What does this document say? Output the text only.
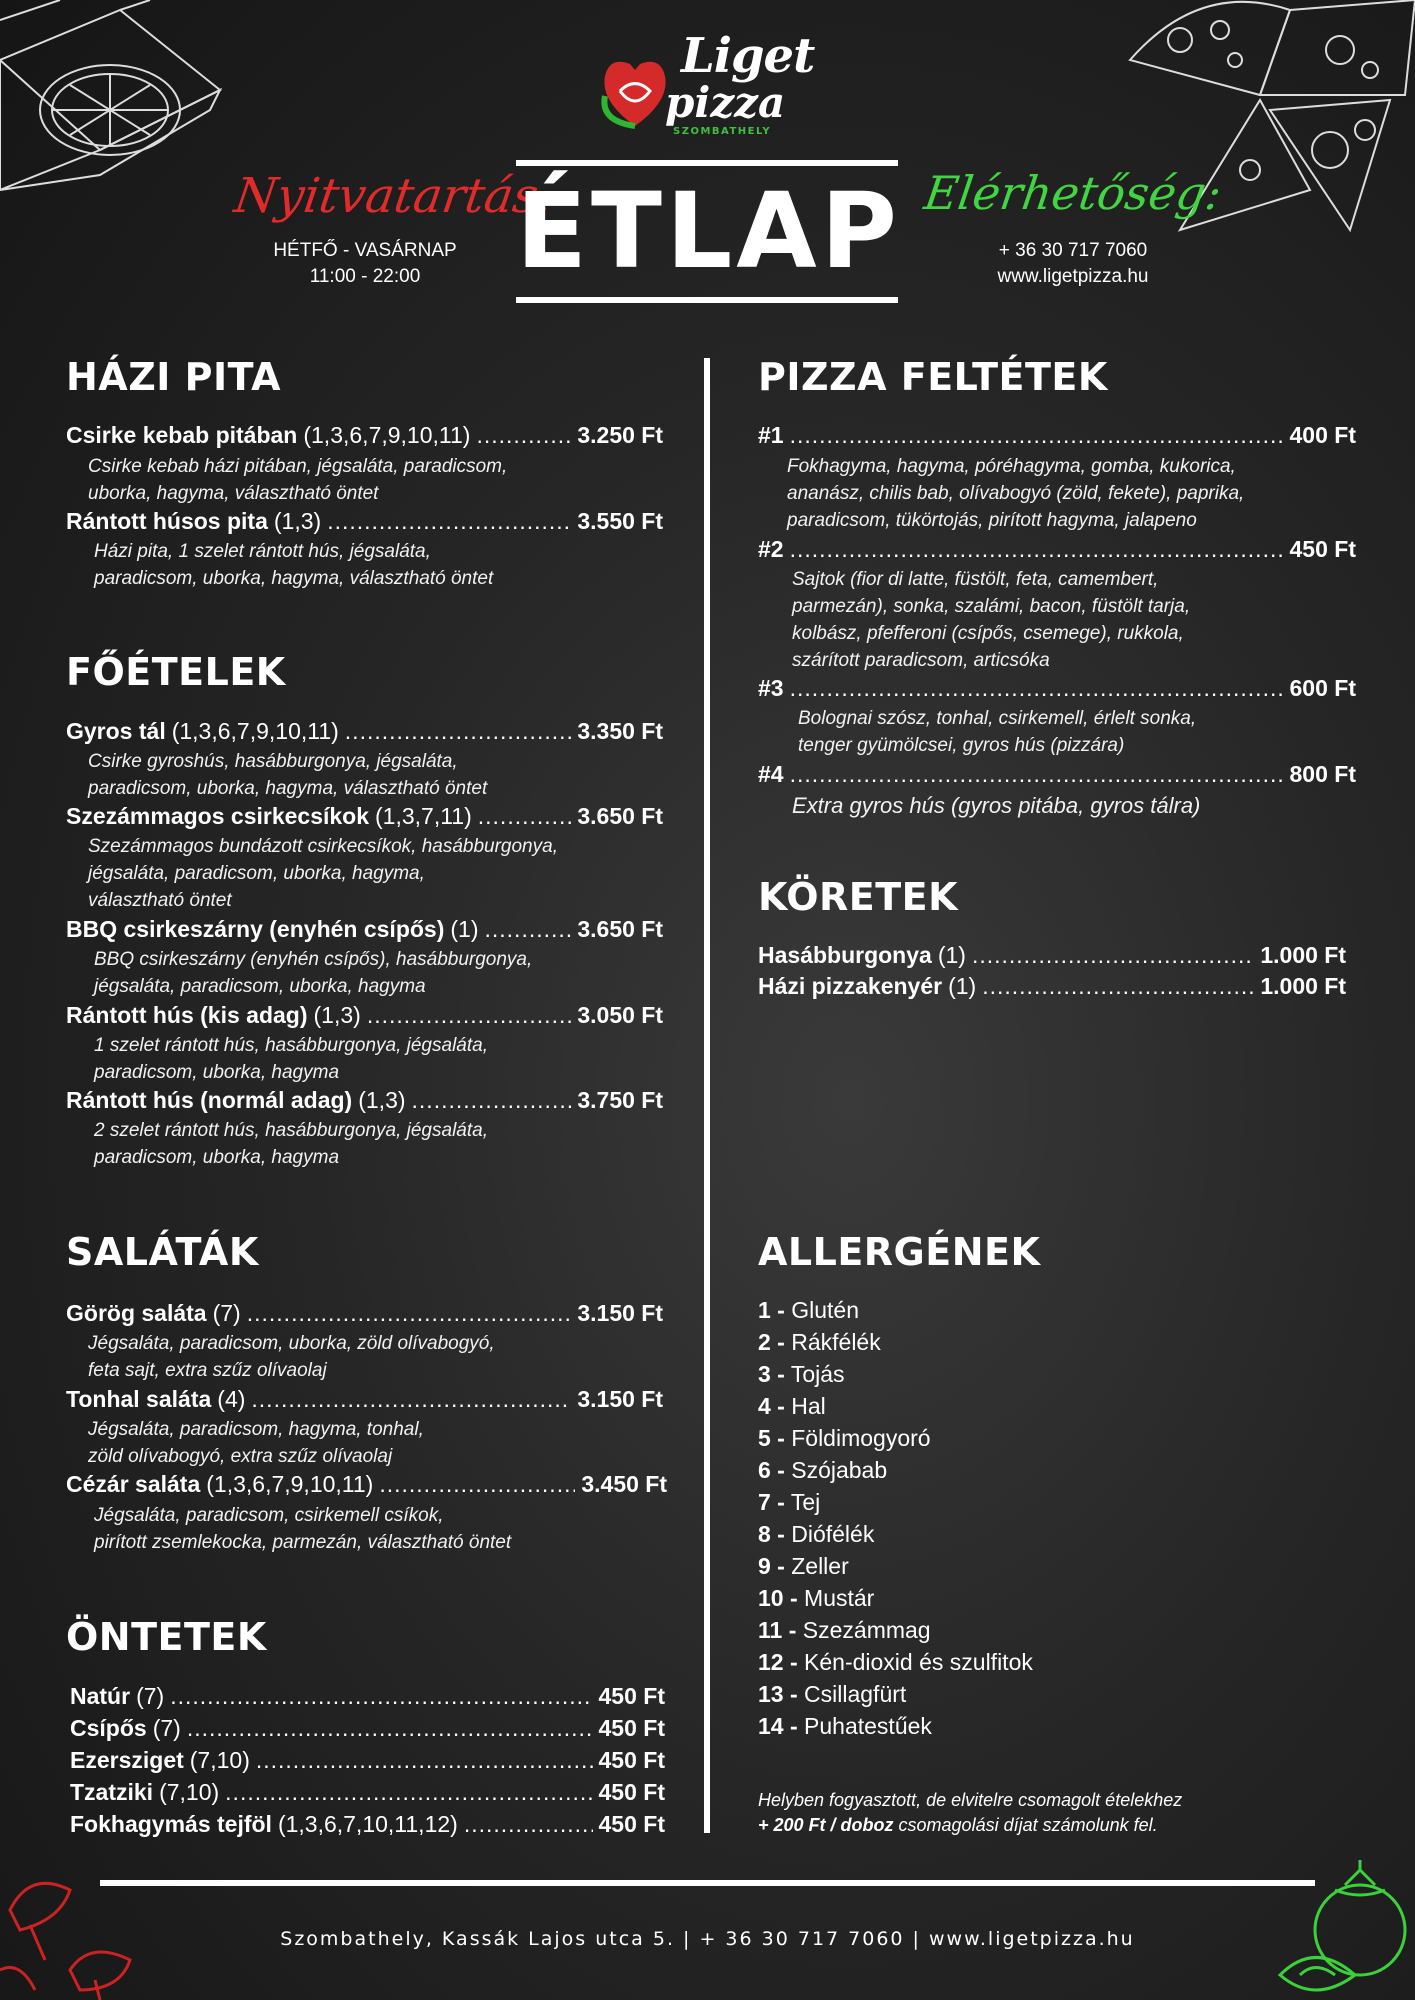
Liget
pizza
SZOMBATHELY
Nyitvatartás:
HÉTFŐ - VASÁRNAP
11:00 - 22:00 ÉTLAP Elérhetőség:
+ 36 30 717 7060
www.ligetpizza.hu
HÁZI PITA
Csirke kebab pitában (1,3,6,7,9,10,11) .....	3.250 Ft
Csirke kebab házi pitában, jégsaláta, paradicsom,
uborka, hagyma, választható öntet
Rántott húsos pita (1,3) .....	3.550 Ft
Házi pita, 1 szelet rántott hús, jégsaláta,
paradicsom, uborka, hagyma, választható öntet
FŐÉTELEK
Gyros tál (1,3,6,7,9,10,11) .....	3.350 Ft
Csirke gyroshús, hasábburgonya, jégsaláta,
paradicsom, uborka, hagyma, választható öntet
Szezámmagos csirkecsíkok (1,3,7,11) .....	3.650 Ft
Szezámmagos bundázott csirkecsíkok, hasábburgonya,
jégsaláta, paradicsom, uborka, hagyma,
választható öntet
BBQ csirkeszárny (enyhén csípős) (1) .....	3.650 Ft
BBQ csirkeszárny (enyhén csípős), hasábburgonya,
jégsaláta, paradicsom, uborka, hagyma
Rántott hús (kis adag) (1,3) .....	3.050 Ft
1 szelet rántott hús, hasábburgonya, jégsaláta,
paradicsom, uborka, hagyma
Rántott hús (normál adag) (1,3) .....	3.750 Ft
2 szelet rántott hús, hasábburgonya, jégsaláta,
paradicsom, uborka, hagyma
SALÁTÁK
Görög saláta (7) .....	3.150 Ft
Jégsaláta, paradicsom, uborka, zöld olívabogyó,
feta sajt, extra szűz olívaolaj
Tonhal saláta (4) .....	3.150 Ft
Jégsaláta, paradicsom, hagyma, tonhal,
zöld olívabogyó, extra szűz olívaolaj
Cézár saláta (1,3,6,7,9,10,11) .....	3.450 Ft
Jégsaláta, paradicsom, csirkemell csíkok,
pirított zsemlekocka, parmezán, választható öntet
ÖNTETEK
Natúr (7) .....	450 Ft
Csípős (7) .....	450 Ft
Ezersziget (7,10) .....	450 Ft
Tzatziki (7,10) .....	450 Ft
Fokhagymás tejföl (1,3,6,7,10,11,12) .....	450 Ft
PIZZA FELTÉTEK
#1 .....	400 Ft
Fokhagyma, hagyma, póréhagyma, gomba, kukorica,
ananász, chilis bab, olívabogyó (zöld, fekete), paprika,
paradicsom, tükörtojás, pirított hagyma, jalapeno
#2 .....	450 Ft
Sajtok (fior di latte, füstölt, feta, camembert,
parmezán), sonka, szalámi, bacon, füstölt tarja,
kolbász, pfefferoni (csípős, csemege), rukkola,
szárított paradicsom, articsóka
#3 .....	600 Ft
Bolognai szósz, tonhal, csirkemell, érlelt sonka,
tenger gyümölcsei, gyros hús (pizzára)
#4 .....	800 Ft
Extra gyros hús (gyros pitába, gyros tálra)
KÖRETEK
Hasábburgonya (1) .....	1.000 Ft
Házi pizzakenyér (1) .....	1.000 Ft
ALLERGÉNEK
1 - Glutén
2 - Rákfélék
3 - Tojás
4 - Hal
5 - Földimogyoró
6 - Szójabab
7 - Tej
8 - Diófélék
9 - Zeller
10 - Mustár
11 - Szezámmag
12 - Kén-dioxid és szulfitok
13 - Csillagfürt
14 - Puhatestűek
Helyben fogyasztott, de elvitelre csomagolt ételekhez
+ 200 Ft / doboz csomagolási díjat számolunk fel.
Szombathely, Kassák Lajos utca 5. | + 36 30 717 7060 | www.ligetpizza.hu
